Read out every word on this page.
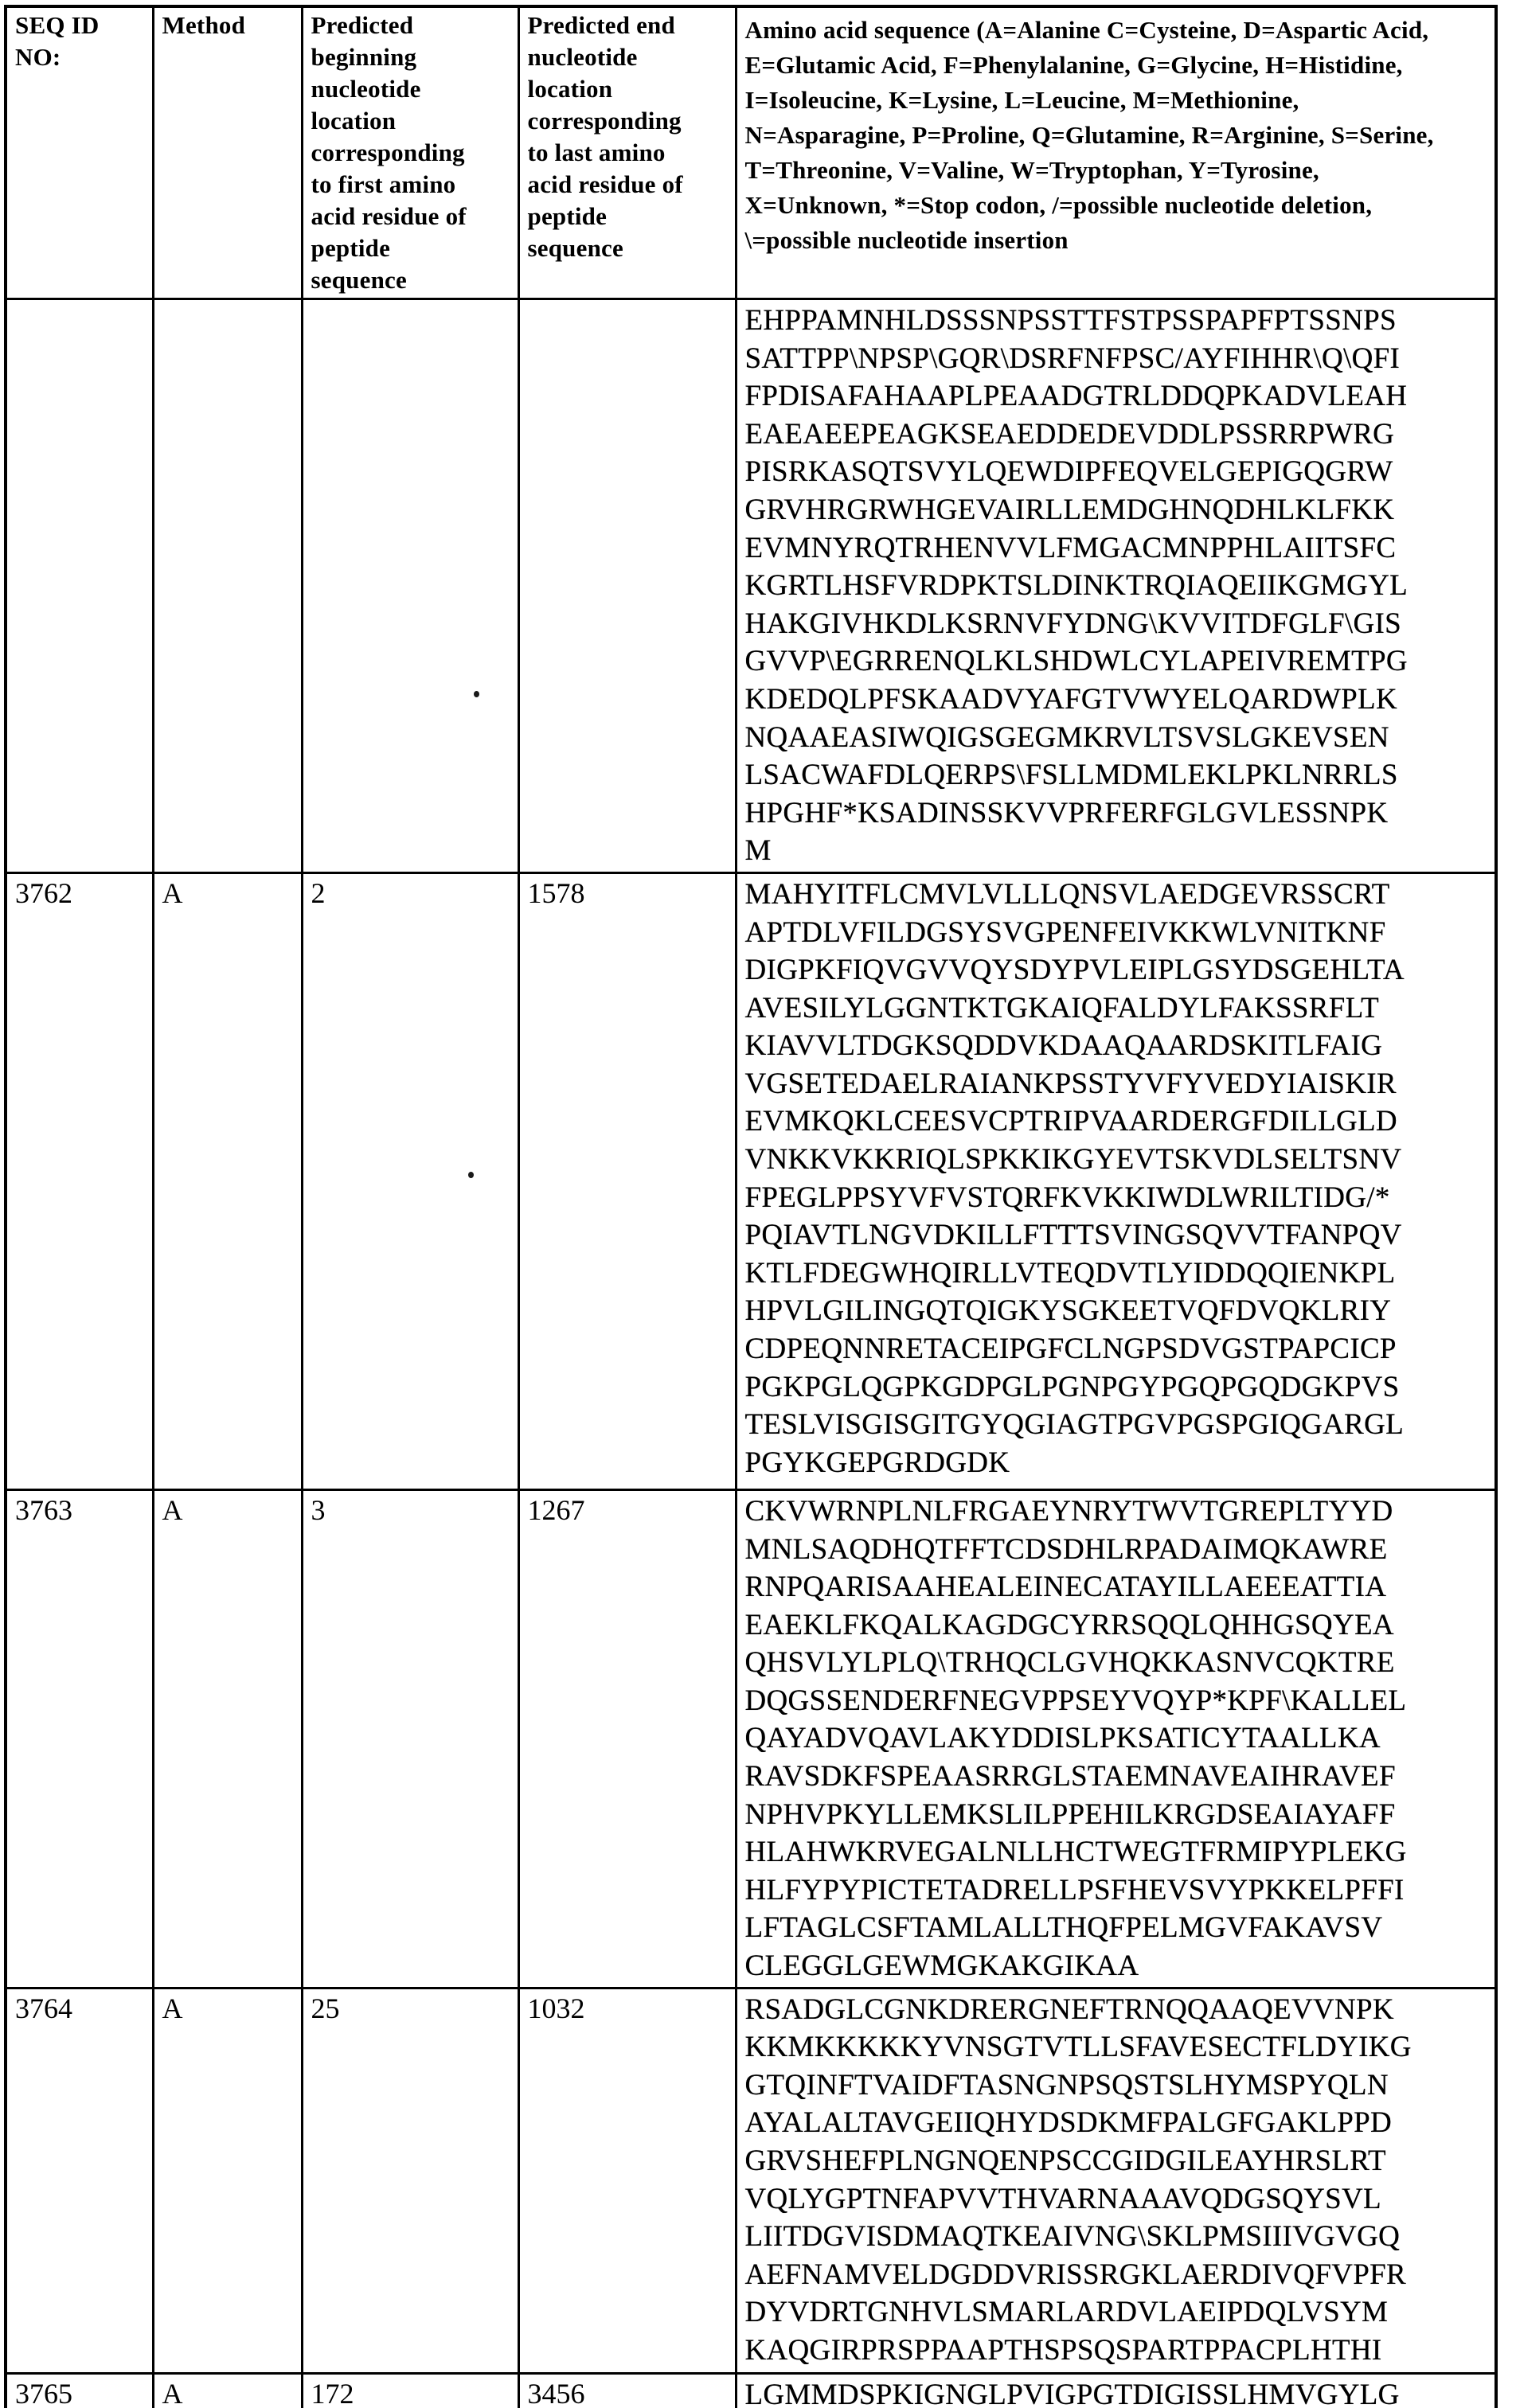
SEQ ID
NO:	Method	Predicted
beginning
nucleotide
location
corresponding
to first amino
acid residue of
peptide
sequence	Predicted end
nucleotide
location
corresponding
to last amino
acid residue of
peptide
sequence	Amino acid sequence (A=Alanine C=Cysteine, D=Aspartic Acid,
E=Glutamic Acid, F=Phenylalanine, G=Glycine, H=Histidine,
I=Isoleucine, K=Lysine, L=Leucine, M=Methionine,
N=Asparagine, P=Proline, Q=Glutamine, R=Arginine, S=Serine,
T=Threonine, V=Valine, W=Tryptophan, Y=Tyrosine,
X=Unknown, *=Stop codon, /=possible nucleotide deletion,
\=possible nucleotide insertion
				EHPPAMNHLDSSSNPSSTTFSTPSSPAPFPTSSNPS
SATTPP\NPSP\GQR\DSRFNFPSC/AYFIHHR\Q\QFI
FPDISAFAHAAPLPEAADGTRLDDQPKADVLEAH
EAEAEEPEAGKSEAEDDEDEVDDLPSSRRPWRG
PISRKASQTSVYLQEWDIPFEQVELGEPIGQGRW
GRVHRGRWHGEVAIRLLEMDGHNQDHLKLFKK
EVMNYRQTRHENVVLFMGACMNPPHLAIITSFC
KGRTLHSFVRDPKTSLDINKTRQIAQEIIKGMGYL
HAKGIVHKDLKSRNVFYDNG\KVVITDFGLF\GIS
GVVP\EGRRENQLKLSHDWLCYLAPEIVREMTPG
KDEDQLPFSKAADVYAFGTVWYELQARDWPLK
NQAAEASIWQIGSGEGMKRVLTSVSLGKEVSEN
LSACWAFDLQERPS\FSLLMDMLEKLPKLNRRLS
HPGHF*KSADINSSKVVPRFERFGLGVLESSNPK
M
3762	A	2	1578	MAHYITFLCMVLVLLLQNSVLAEDGEVRSSCRT
APTDLVFILDGSYSVGPENFEIVKKWLVNITKNF
DIGPKFIQVGVVQYSDYPVLEIPLGSYDSGEHLTA
AVESILYLGGNTKTGKAIQFALDYLFAKSSRFLT
KIAVVLTDGKSQDDVKDAAQAARDSKITLFAIG
VGSETEDAELRAIANKPSSTYVFYVEDYIAISKIR
EVMKQKLCEESVCPTRIPVAARDERGFDILLGLD
VNKKVKKRIQLSPKKIKGYEVTSKVDLSELTSNV
FPEGLPPSYVFVSTQRFKVKKIWDLWRILTIDG/*
PQIAVTLNGVDKILLFTTTSVINGSQVVTFANPQV
KTLFDEGWHQIRLLVTEQDVTLYIDDQQIENKPL
HPVLGILINGQTQIGKYSGKEETVQFDVQKLRIY
CDPEQNNRETACEIPGFCLNGPSDVGSTPAPCICP
PGKPGLQGPKGDPGLPGNPGYPGQPGQDGKPVS
TESLVISGISGITGYQGIAGTPGVPGSPGIQGARGL
PGYKGEPGRDGDK
3763	A	3	1267	CKVWRNPLNLFRGAEYNRYTWVTGREPLTYYD
MNLSAQDHQTFFTCDSDHLRPADAIMQKAWRE
RNPQARISAAHEALEINECATAYILLAEEEATTIA
EAEKLFKQALKAGDGCYRRSQQLQHHGSQYEA
QHSVLYLPLQ\TRHQCLGVHQKKASNVCQKTRE
DQGSSENDERFNEGVPPSEYVQYP*KPF\KALLEL
QAYADVQAVLAKYDDISLPKSATICYTAALLKA
RAVSDKFSPEAASRRGLSTAEMNAVEAIHRAVEF
NPHVPKYLLEMKSLILPPEHILKRGDSEAIAYAFF
HLAHWKRVEGALNLLHCTWEGTFRMIPYPLEKG
HLFYPYPICTETADRELLPSFHEVSVYPKKELPFFI
LFTAGLCSFTAMLALLTHQFPELMGVFAKAVSV
CLEGGLGEWMGKAKGIKAA
3764	A	25	1032	RSADGLCGNKDRERGNEFTRNQQAAQEVVNPK
KKMKKKKKYVNSGTVTLLSFAVESECTFLDYIKG
GTQINFTVAIDFTASNGNPSQSTSLHYMSPYQLN
AYALALTAVGEIIQHYDSDKMFPALGFGAKLPPD
GRVSHEFPLNGNQENPSCCGIDGILEAYHRSLRT
VQLYGPTNFAPVVTHVARNAAAVQDGSQYSVL
LIITDGVISDMAQTKEAIVNG\SKLPMSIIIVGVGQ
AEFNAMVELDGDDVRISSRGKLAERDIVQFVPFR
DYVDRTGNHVLSMARLARDVLAEIPDQLVSYM
KAQGIRPRSPPAAPTHSPSQSPARTPPACPLHTHI
3765	A	172	3456	LGMMDSPKIGNGLPVIGPGTDIGISSLHMVGYLG
